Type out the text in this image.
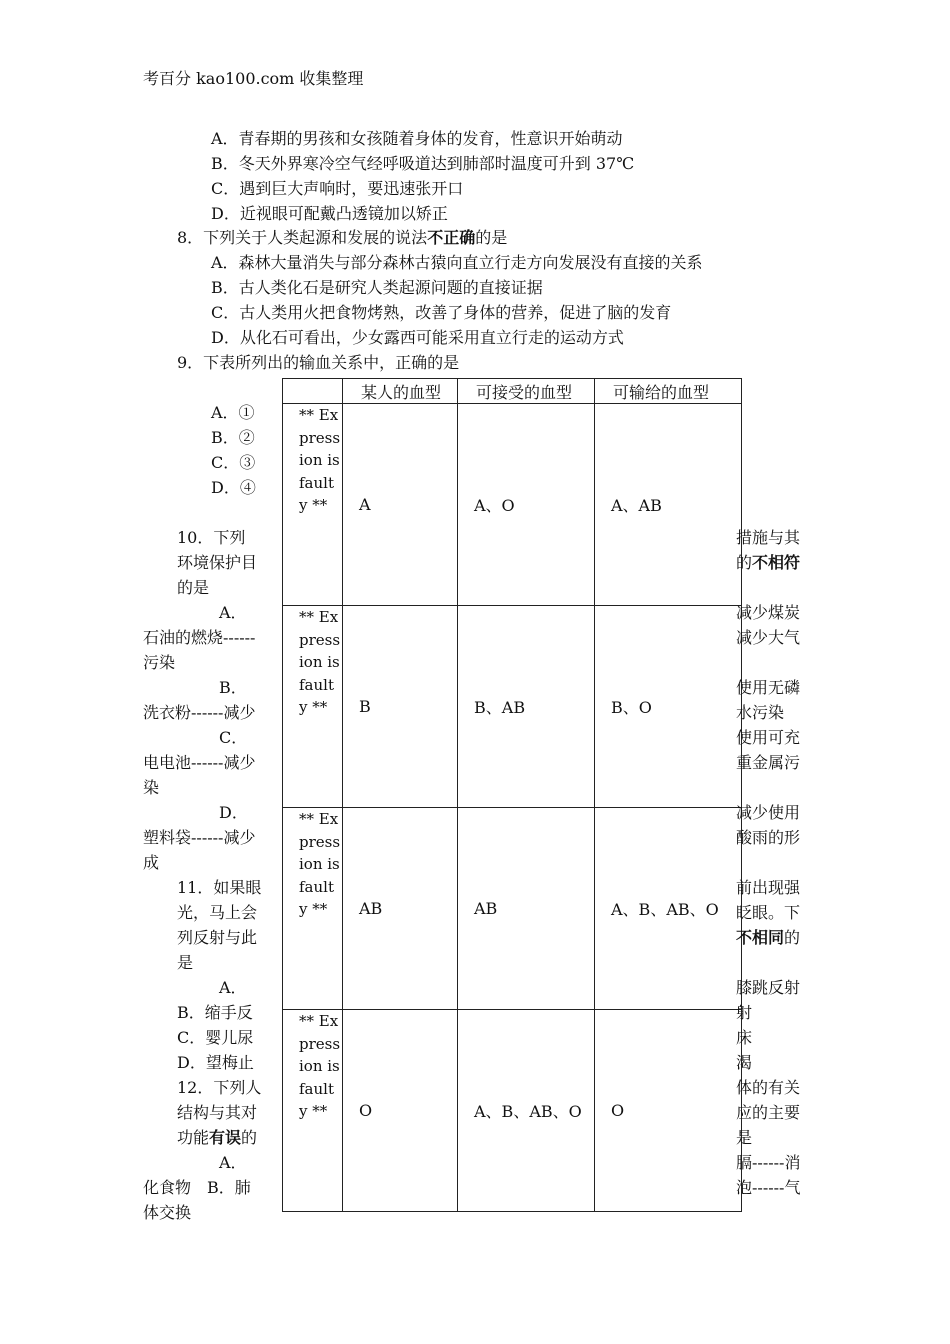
考百分 kao100.com 收集整理
A．青春期的男孩和女孩随着身体的发育，性意识开始萌动
B．冬天外界寒冷空气经呼吸道达到肺部时温度可升到 37℃
C．遇到巨大声响时，要迅速张开口
D．近视眼可配戴凸透镜加以矫正
8．下列关于人类起源和发展的说法不正确的是
A．森林大量消失与部分森林古猿向直立行走方向发展没有直接的关系
B．古人类化石是研究人类起源问题的直接证据
C．古人类用火把食物烤熟，改善了身体的营养，促进了脑的发育
D．从化石可看出，少女露西可能采用直立行走的运动方式
9．下表所列出的输血关系中，正确的是
A．①
B．②
C．③
D．④
	某人的血型	可接受的血型	可输给的血型
** Expression is faulty **	A	A、O	A、AB
** Expression is faulty **	B	B、AB	B、O
** Expression is faulty **	AB	AB	A、B、AB、O
** Expression is faulty **	O	A、B、AB、O	O
10．下列
环境保护目
的是
A．
石油的燃烧------
污染
B．
洗衣粉------减少
C．
电电池------减少
染
D．
塑料袋------减少
成
11．如果眼
光，马上会
列反射与此
是
A．
B．缩手反
C．婴儿尿
D．望梅止
12．下列人
结构与其对
功能有误的
A．
化食物　B．肺
体交换
措施与其
的不相符
减少煤炭
减少大气
使用无磷
水污染
使用可充
重金属污
减少使用
酸雨的形
前出现强
眨眼。下
不相同的
膝跳反射
射
床
渴
体的有关
应的主要
是
膈------消
泡------气
